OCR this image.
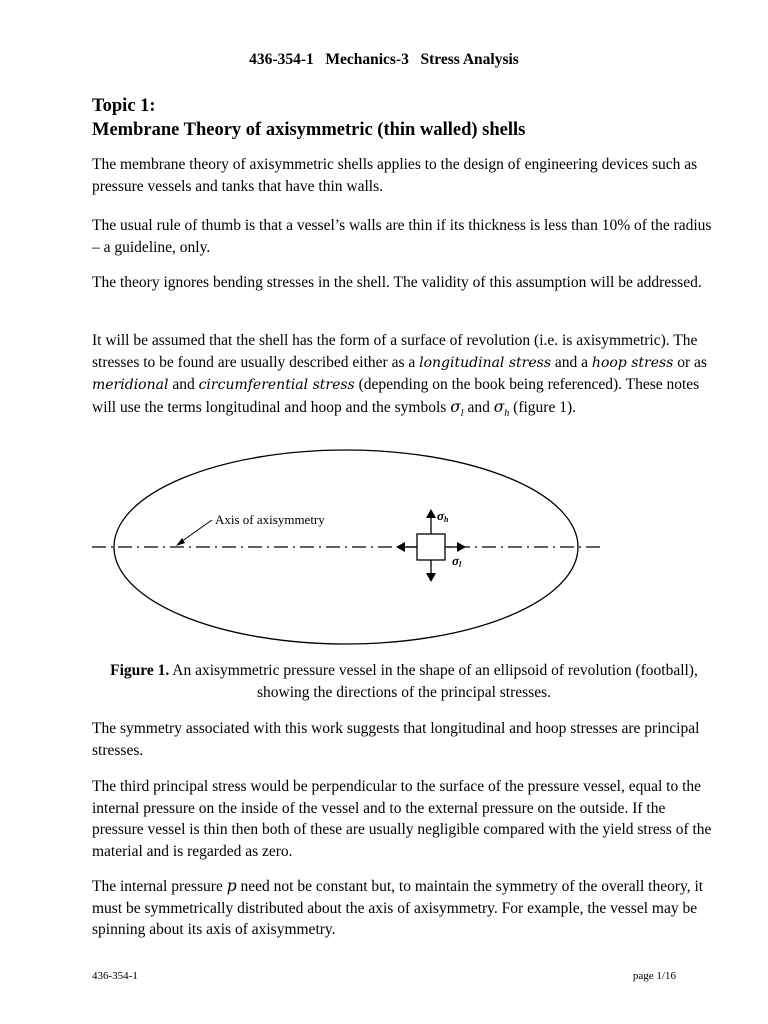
436-354-1   Mechanics-3   Stress Analysis
Topic 1:
Membrane Theory of axisymmetric (thin walled) shells
The membrane theory of axisymmetric shells applies to the design of engineering devices such as pressure vessels and tanks that have thin walls.
The usual rule of thumb is that a vessel’s walls are thin if its thickness is less than 10% of the radius – a guideline, only.
The theory ignores bending stresses in the shell. The validity of this assumption will be addressed.
It will be assumed that the shell has the form of a surface of revolution (i.e. is axisymmetric). The stresses to be found are usually described either as a longitudinal stress and a hoop stress or as meridional and circumferential stress (depending on the book being referenced). These notes will use the terms longitudinal and hoop and the symbols $\sigma_l$ and $\sigma_h$ (figure 1).
Axis of axisymmetry	σh
σl
Figure 1. An axisymmetric pressure vessel in the shape of an ellipsoid of revolution (football), showing the directions of the principal stresses.
The symmetry associated with this work suggests that longitudinal and hoop stresses are principal stresses.
The third principal stress would be perpendicular to the surface of the pressure vessel, equal to the internal pressure on the inside of the vessel and to the external pressure on the outside. If the pressure vessel is thin then both of these are usually negligible compared with the yield stress of the material and is regarded as zero.
The internal pressure p need not be constant but, to maintain the symmetry of the overall theory, it must be symmetrically distributed about the axis of axisymmetry. For example, the vessel may be spinning about its axis of axisymmetry.
436-354-1	page 1/16
